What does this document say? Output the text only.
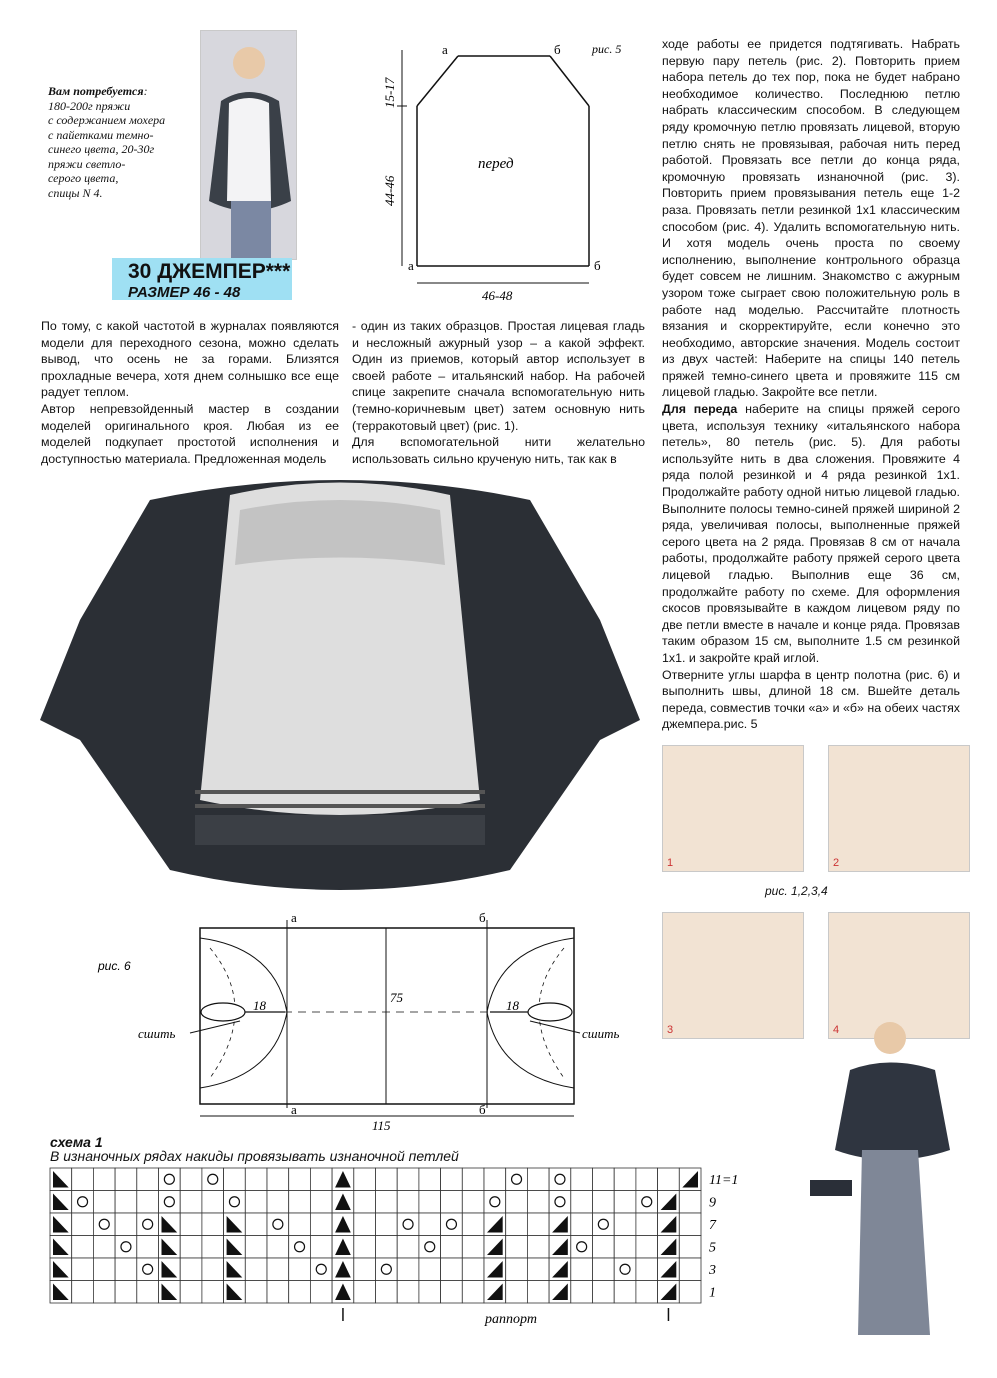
Вам потребуется:

180-200г пряжи

с содержанием мохера

с пайетками темно-

синего цвета, 20-30г

пряжи светло-

серого цвета,

спицы N 4.

30 ДЖЕМПЕР***
РАЗМЕР 46 - 48
а	б
а	б
рис. 5
перед
15-17
44-46
46-48

По тому, с какой частотой в журналах появляются модели для переходного сезона, можно сделать вывод, что осень не за горами. Близятся прохладные вечера, хотя днем солнышко все еще радует теплом.

Автор непревзойденный мастер в создании моделей оригинального кроя. Любая из ее моделей подкупает простотой исполнения и доступностью материала. Предложенная модель

- один из таких образцов. Простая лицевая гладь и несложный ажурный узор – а какой эффект. Один из приемов, который автор использует в своей работе – итальянский набор. На рабочей спице закрепите сначала вспомогательную нить (темно-коричневым цвет) затем основную нить (терракотовый цвет) (рис. 1).

Для вспомогательной нити желательно использовать сильно крученую нить, так как в

ходе работы ее придется подтягивать. Набрать первую пару петель (рис. 2). Повторить прием набора петель до тех пор, пока не будет набрано необходимое количество. Последнюю петлю набрать классическим способом. В следующем ряду кромочную петлю провязать лицевой, вторую петлю снять не провязывая, рабочая нить перед работой. Провязать все петли до конца ряда, кромочную провязать изнаночной (рис. 3). Повторить прием провязывания петель еще 1-2 раза. Провязать петли резинкой 1х1 классическим способом (рис. 4). Удалить вспомогательную нить. И хотя модель очень проста по своему исполнению, выполнение контрольного образца будет совсем не лишним. Знакомство с ажурным узором тоже сыграет свою положительную роль в работе над моделью. Рассчитайте плотность вязания и скорректируйте, если конечно это необходимо, авторские значения. Модель состоит из двух частей: Наберите на спицы 140 петель пряжей темно-синего цвета и провяжите 115 см лицевой гладью. Закройте все петли.

Для переда наберите на спицы пряжей серого цвета, используя технику «итальянского набора петель», 80 петель (рис. 5). Для работы используйте нить в два сложения. Провяжите 4 ряда полой резинкой и 4 ряда резинкой 1х1. Продолжайте работу одной нитью лицевой гладью. Выполните полосы темно-синей пряжей шириной 2 ряда, увеличивая полосы, выполненные пряжей серого цвета на 2 ряда. Провязав 8 см от начала работы, продолжайте работу пряжей серого цвета лицевой гладью. Выполнив еще 36 см, продолжайте работу по схеме. Для оформления скосов провязывайте в каждом лицевом ряду по две петли вместе в начале и конце ряда. Провязав таким образом 15 см, выполните 1.5 см резинкой 1х1. и закройте край иглой.

Отверните углы шарфа в центр полотна (рис. 6) и выполнить швы, длиной 18 см. Вшейте деталь переда, совместив точки «а» и «б» на обеих частях джемпера.рис. 5

рис. 6
а	б
а	б
18	18
75
115
сшить	сшить
1	2
рис. 1,2,3,4
3	4
схема 1
В изнаночных рядах накиды провязывать изнаночной петлей
11=1
9
7
5
3
1
раппорт
